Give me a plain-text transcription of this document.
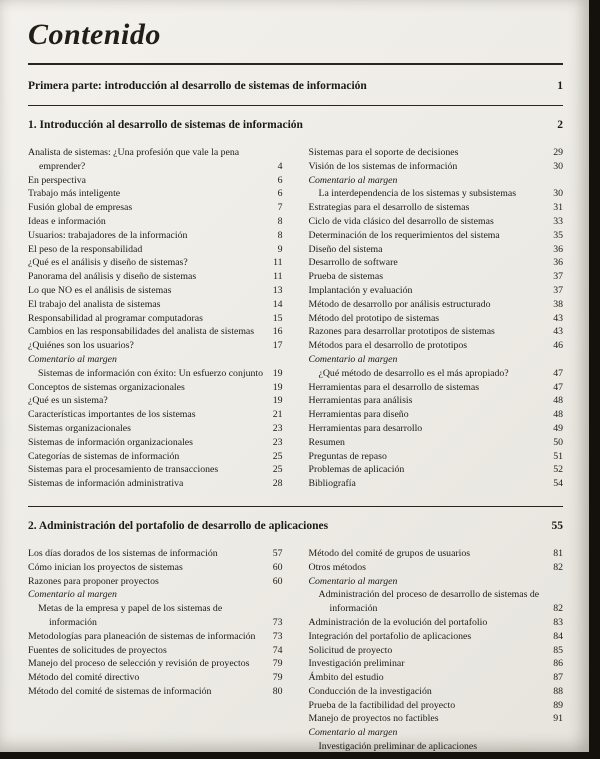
Contenido
Primera parte: introducción al desarrollo de sistemas de información	1
1. Introducción al desarrollo de sistemas de información	2
Analista de sistemas: ¿Una profesión que vale la pena emprender?	4
En perspectiva	6
Trabajo más inteligente	6
Fusión global de empresas	7
Ideas e información	8
Usuarios: trabajadores de la información	8
El peso de la responsabilidad	9
¿Qué es el análisis y diseño de sistemas?	11
Panorama del análisis y diseño de sistemas	11
Lo que NO es el análisis de sistemas	13
El trabajo del analista de sistemas	14
Responsabilidad al programar computadoras	15
Cambios en las responsabilidades del analista de sistemas	16
¿Quiénes son los usuarios?	17
Comentario al margen
Sistemas de información con éxito: Un esfuerzo conjunto 19
Conceptos de sistemas organizacionales	19
¿Qué es un sistema?	19
Características importantes de los sistemas	21
Sistemas organizacionales	23
Sistemas de información organizacionales	23
Categorías de sistemas de información	25
Sistemas para el procesamiento de transacciones	25
Sistemas de información administrativa	28
Sistemas para el soporte de decisiones	29
Visión de los sistemas de información	30
Comentario al margen
La interdependencia de los sistemas y subsistemas	30
Estrategias para el desarrollo de sistemas	31
Ciclo de vida clásico del desarrollo de sistemas	33
Determinación de los requerimientos del sistema	35
Diseño del sistema	36
Desarrollo de software	36
Prueba de sistemas	37
Implantación y evaluación	37
Método de desarrollo por análisis estructurado	38
Método del prototipo de sistemas	43
Razones para desarrollar prototipos de sistemas	43
Métodos para el desarrollo de prototipos	46
Comentario al margen
¿Qué método de desarrollo es el más apropiado?	47
Herramientas para el desarrollo de sistemas	47
Herramientas para análisis	48
Herramientas para diseño	48
Herramientas para desarrollo	49
Resumen	50
Preguntas de repaso	51
Problemas de aplicación	52
Bibliografía	54
2. Administración del portafolio de desarrollo de aplicaciones	55
Los días dorados de los sistemas de información	57
Cómo inician los proyectos de sistemas	60
Razones para proponer proyectos	60
Comentario al margen
Metas de la empresa y papel de los sistemas de información	73
Metodologías para planeación de sistemas de información	73
Fuentes de solicitudes de proyectos	74
Manejo del proceso de selección y revisión de proyectos	79
Método del comité directivo	79
Método del comité de sistemas de información	80
Método del comité de grupos de usuarios	81
Otros métodos	82
Comentario al margen
Administración del proceso de desarrollo de sistemas de información	82
Administración de la evolución del portafolio	83
Integración del portafolio de aplicaciones	84
Solicitud de proyecto	85
Investigación preliminar	86
Ámbito del estudio	87
Conducción de la investigación	88
Prueba de la factibilidad del proyecto	89
Manejo de proyectos no factibles	91
Comentario al margen
Investigación preliminar de aplicaciones
